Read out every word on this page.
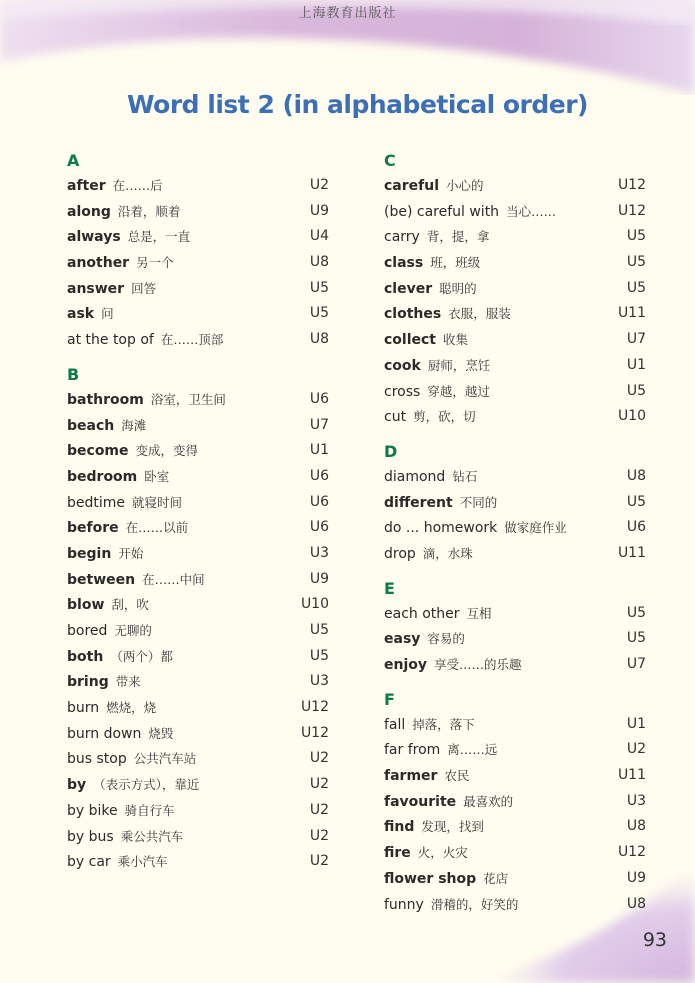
上海教育出版社
Word list 2 (in alphabetical order)
A
after 在……后	U2
along 沿着，顺着	U9
always 总是，一直	U4
another 另一个	U8
answer 回答	U5
ask 问	U5
at the top of 在……顶部	U8
B
bathroom 浴室，卫生间	U6
beach 海滩	U7
become 变成，变得	U1
bedroom 卧室	U6
bedtime 就寝时间	U6
before 在……以前	U6
begin 开始	U3
between 在……中间	U9
blow 刮，吹	U10
bored 无聊的	U5
both （两个）都	U5
bring 带来	U3
burn 燃烧，烧	U12
burn down 烧毁	U12
bus stop 公共汽车站	U2
by （表示方式），靠近	U2
by bike 骑自行车	U2
by bus 乘公共汽车	U2
by car 乘小汽车	U2
C
careful 小心的	U12
(be) careful with 当心……	U12
carry 背，提，拿	U5
class 班，班级	U5
clever 聪明的	U5
clothes 衣服，服装	U11
collect 收集	U7
cook 厨师，烹饪	U1
cross 穿越，越过	U5
cut 剪，砍，切	U10
D
diamond 钻石	U8
different 不同的	U5
do ... homework 做家庭作业	U6
drop 滴，水珠	U11
E
each other 互相	U5
easy 容易的	U5
enjoy 享受……的乐趣	U7
F
fall 掉落，落下	U1
far from 离……远	U2
farmer 农民	U11
favourite 最喜欢的	U3
find 发现，找到	U8
fire 火，火灾	U12
flower shop 花店	U9
funny 滑稽的，好笑的	U8
93
